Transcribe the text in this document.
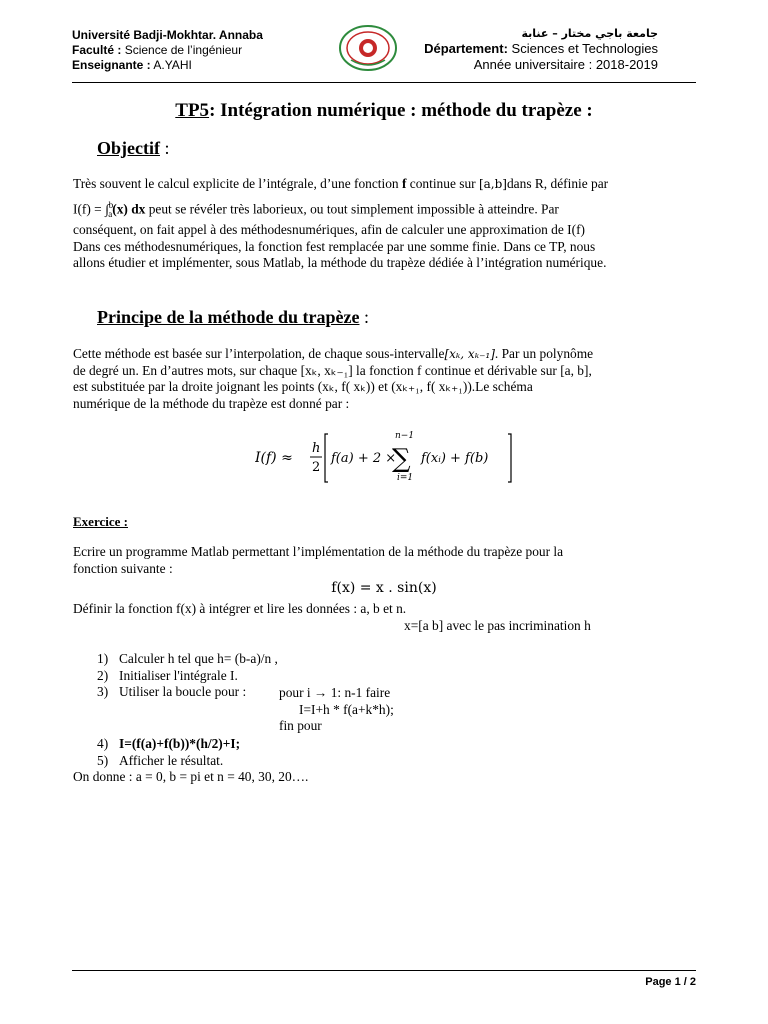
Université Badji-Mokhtar. Annaba
Faculté : Science de l’ingénieur
Enseignante : A.YAHI
جامعة باجي مختار – عنابة
Département: Sciences et Technologies
Année universitaire : 2018-2019
TP5: Intégration numérique : méthode du trapèze :
Objectif :
Très souvent le calcul explicite de l’intégrale, d’une fonction f continue sur [a,b]dans R, définie par
I(f) = ∫$^b_a$(x) dx peut se révéler très laborieux, ou tout simplement impossible à atteindre. Par
conséquent, on fait appel à des méthodesnumériques, afin de calculer une approximation de I(f)
Dans ces méthodesnumériques, la fonction fest remplacée par une somme finie. Dans ce TP, nous
allons étudier et implémenter, sous Matlab, la méthode du trapèze dédiée à l’intégration numérique.
Principe de la méthode du trapèze :
Cette méthode est basée sur l’interpolation, de chaque sous-intervalle[xₖ, xₖ₋₁]. Par un polynôme
de degré un. En d’autres mots, sur chaque [xₖ, xₖ₋₁] la fonction f continue et dérivable sur [a, b],
est substituée par la droite joignant les points (xₖ, f( xₖ)) et (xₖ₊₁, f( xₖ₊₁)).Le schéma
numérique de la méthode du trapèze est donné par :
I(f) ≈
h
2
f(a) + 2 ×
n−1
∑
i=1
f(xᵢ) + f(b)
Exercice :
Ecrire un programme Matlab permettant l’implémentation de la méthode du trapèze pour la
fonction suivante :
f(x) = x . sin(x)
Définir la fonction f(x) à intégrer et lire les données : a, b et n.
x=[a b] avec le pas incrimination h
1) Calculer h tel que h= (b-a)/n ,
2) Initialiser l'intégrale I.
3) Utiliser la boucle pour :	pour i → 1: n-1 faire
I=I+h * f(a+k*h);
fin pour
4) I=(f(a)+f(b))*(h/2)+I;
5) Afficher le résultat.
On donne : a = 0, b = pi et n = 40, 30, 20….
Page 1 / 2
